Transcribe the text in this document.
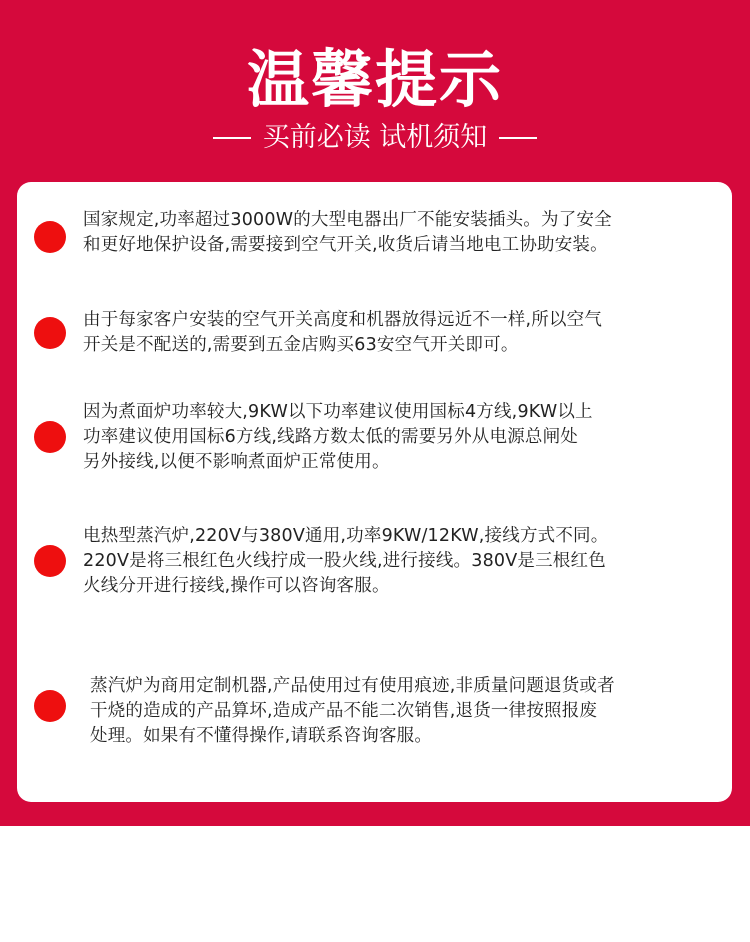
温馨提示
买前必读 试机须知
国家规定,功率超过3000W的大型电器出厂不能安装插头。为了安全
和更好地保护设备,需要接到空气开关,收货后请当地电工协助安装。
由于每家客户安装的空气开关高度和机器放得远近不一样,所以空气
开关是不配送的,需要到五金店购买63安空气开关即可。
因为煮面炉功率较大,9KW以下功率建议使用国标4方线,9KW以上
功率建议使用国标6方线,线路方数太低的需要另外从电源总闸处
另外接线,以便不影响煮面炉正常使用。
电热型蒸汽炉,220V与380V通用,功率9KW/12KW,接线方式不同。
220V是将三根红色火线拧成一股火线,进行接线。380V是三根红色
火线分开进行接线,操作可以咨询客服。
蒸汽炉为商用定制机器,产品使用过有使用痕迹,非质量问题退货或者
干烧的造成的产品算坏,造成产品不能二次销售,退货一律按照报废
处理。如果有不懂得操作,请联系咨询客服。
